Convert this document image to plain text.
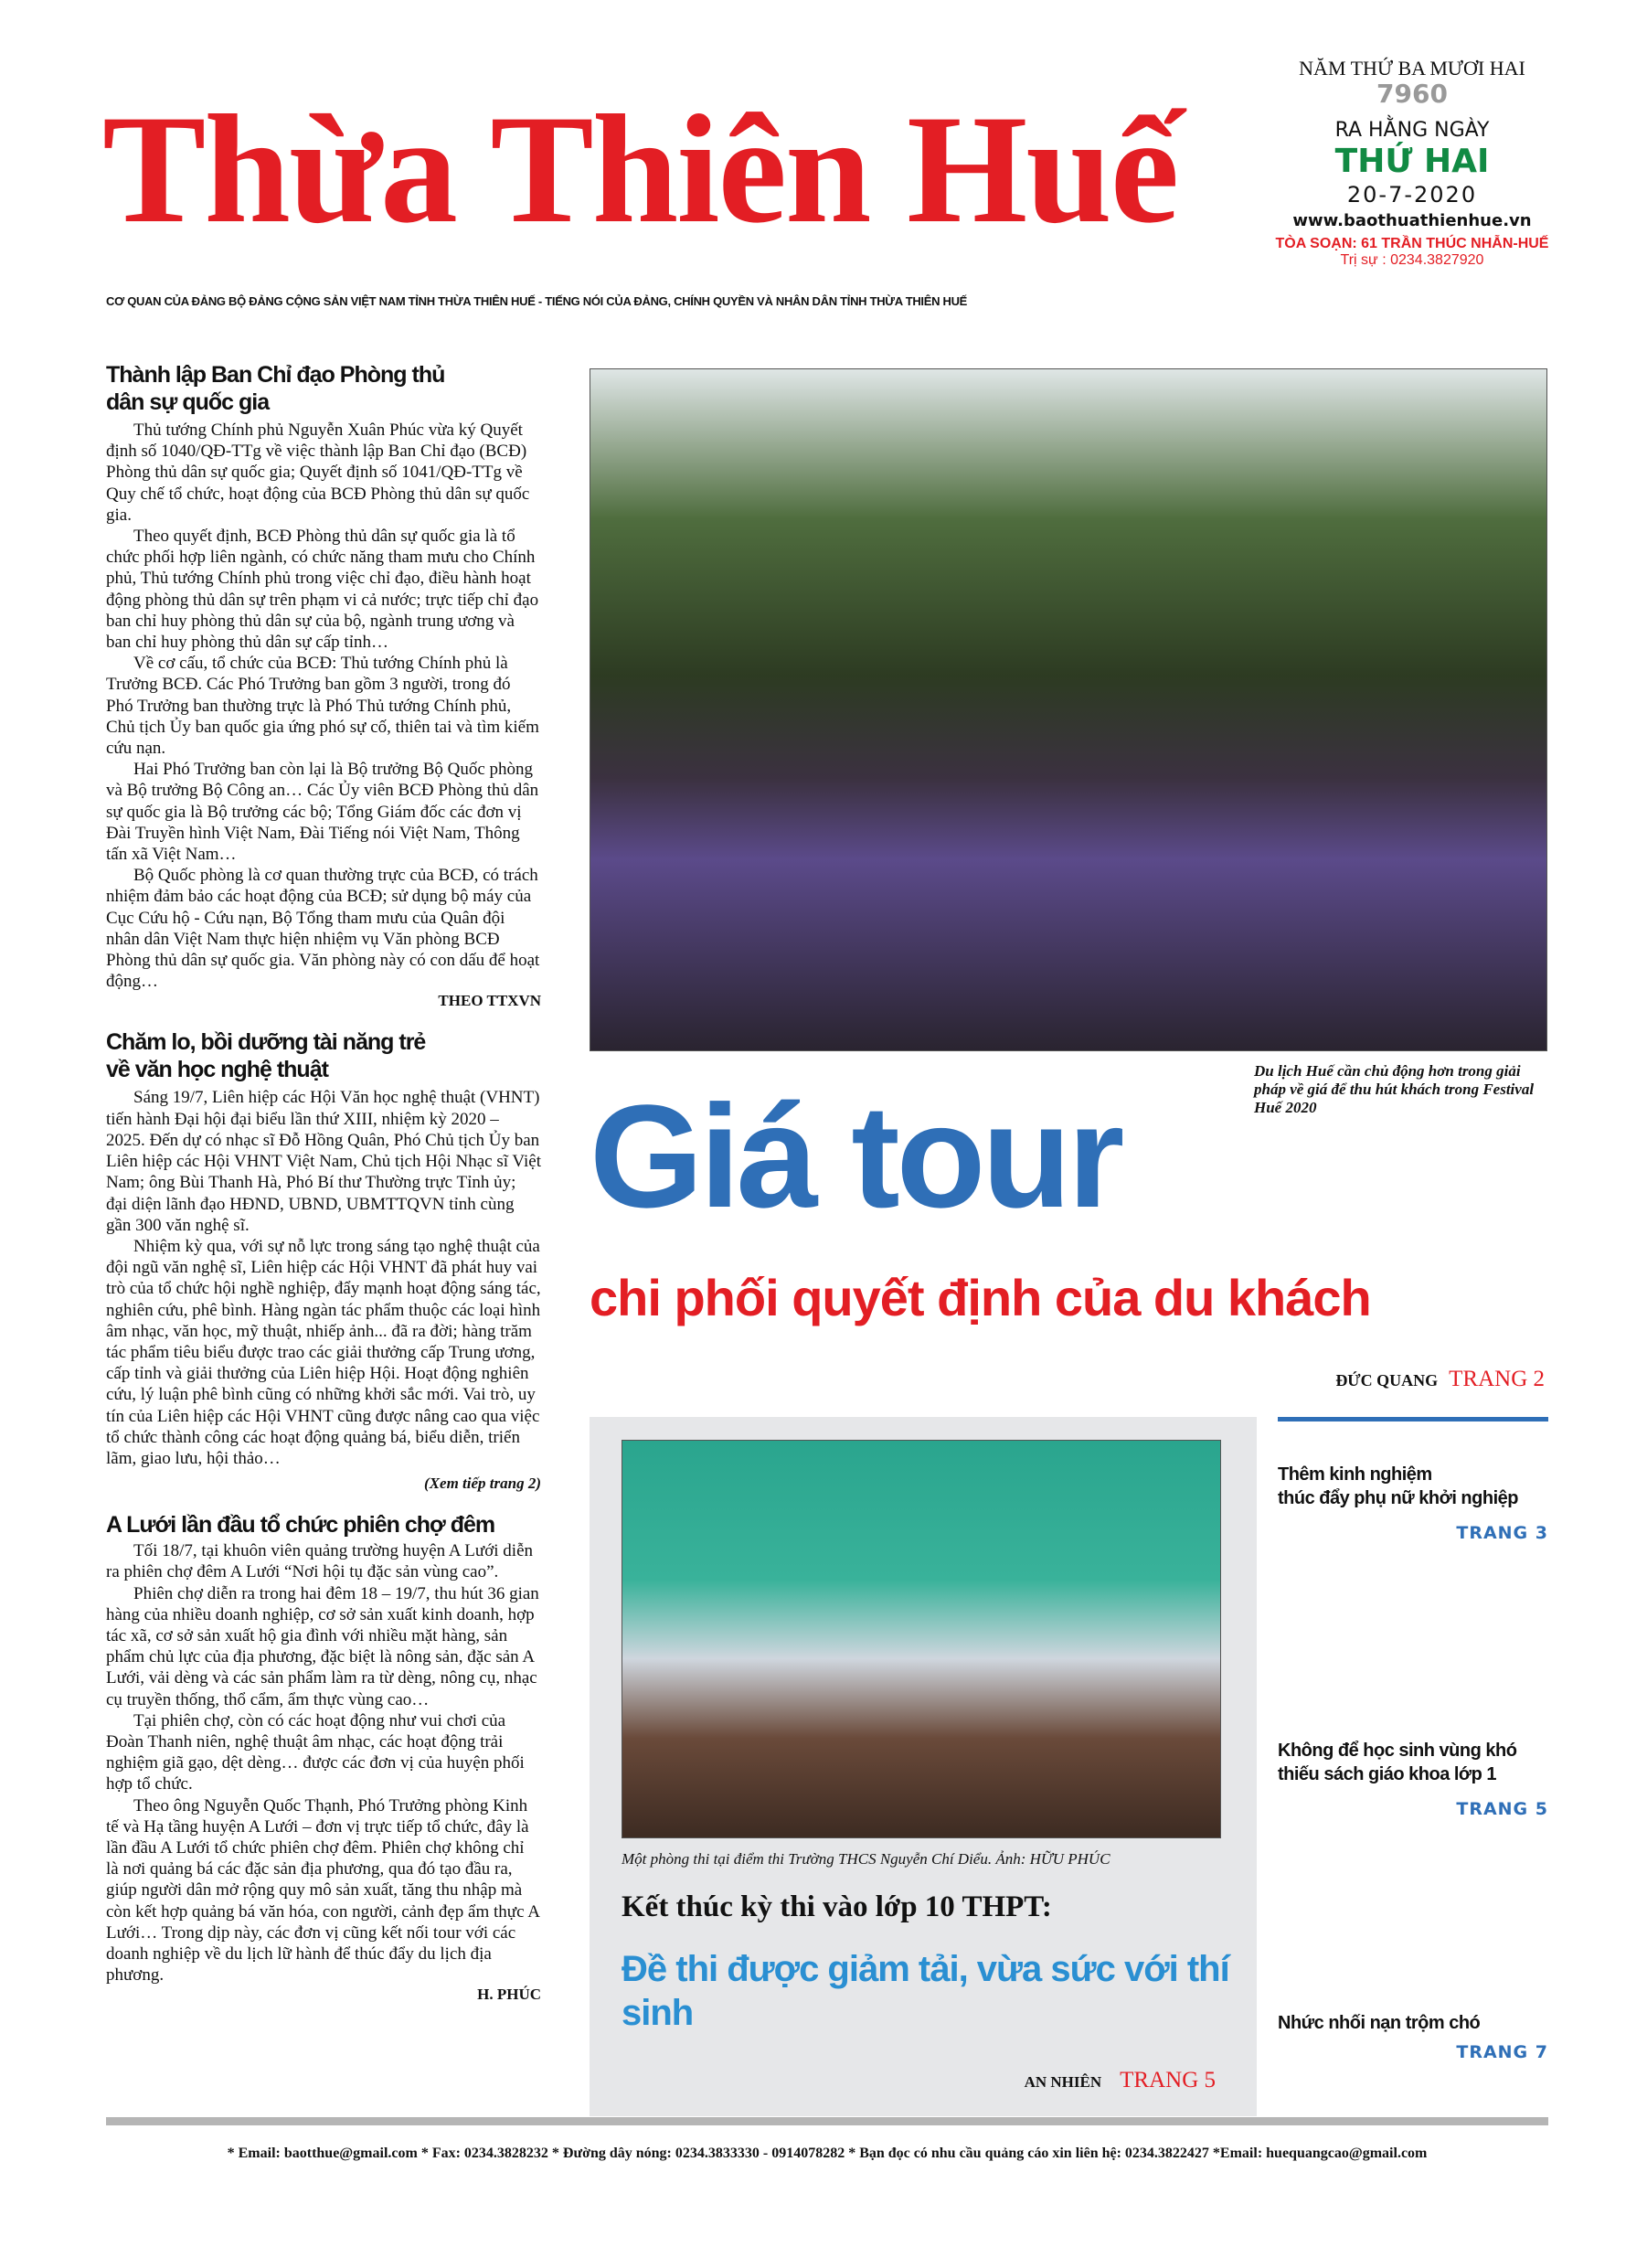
Thừa Thiên Huế
CƠ QUAN CỦA ĐẢNG BỘ ĐẢNG CỘNG SẢN VIỆT NAM TỈNH THỪA THIÊN HUẾ - TIẾNG NÓI CỦA ĐẢNG, CHÍNH QUYỀN VÀ NHÂN DÂN TỈNH THỪA THIÊN HUẾ
NĂM THỨ BA MƯƠI HAI
7960
RA HẰNG NGÀY
THỨ HAI
20-7-2020
www.baothuathienhue.vn
TÒA SOẠN: 61 TRẦN THÚC NHẪN-HUẾ
Trị sự : 0234.3827920
Thành lập Ban Chỉ đạo Phòng thủ
dân sự quốc gia

Thủ tướng Chính phủ Nguyễn Xuân Phúc vừa ký Quyết định số 1040/QĐ-TTg về việc thành lập Ban Chỉ đạo (BCĐ) Phòng thủ dân sự quốc gia; Quyết định số 1041/QĐ-TTg về Quy chế tổ chức, hoạt động của BCĐ Phòng thủ dân sự quốc gia.

Theo quyết định, BCĐ Phòng thủ dân sự quốc gia là tổ chức phối hợp liên ngành, có chức năng tham mưu cho Chính phủ, Thủ tướng Chính phủ trong việc chỉ đạo, điều hành hoạt động phòng thủ dân sự trên phạm vi cả nước; trực tiếp chỉ đạo ban chỉ huy phòng thủ dân sự của bộ, ngành trung ương và ban chỉ huy phòng thủ dân sự cấp tỉnh…

Về cơ cấu, tổ chức của BCĐ: Thủ tướng Chính phủ là Trưởng BCĐ. Các Phó Trưởng ban gồm 3 người, trong đó Phó Trưởng ban thường trực là Phó Thủ tướng Chính phủ, Chủ tịch Ủy ban quốc gia ứng phó sự cố, thiên tai và tìm kiếm cứu nạn.

Hai Phó Trưởng ban còn lại là Bộ trưởng Bộ Quốc phòng và Bộ trưởng Bộ Công an… Các Ủy viên BCĐ Phòng thủ dân sự quốc gia là Bộ trưởng các bộ; Tổng Giám đốc các đơn vị Đài Truyền hình Việt Nam, Đài Tiếng nói Việt Nam, Thông tấn xã Việt Nam…

Bộ Quốc phòng là cơ quan thường trực của BCĐ, có trách nhiệm đảm bảo các hoạt động của BCĐ; sử dụng bộ máy của Cục Cứu hộ - Cứu nạn, Bộ Tổng tham mưu của Quân đội nhân dân Việt Nam thực hiện nhiệm vụ Văn phòng BCĐ Phòng thủ dân sự quốc gia. Văn phòng này có con dấu để hoạt động…

THEO TTXVN
Chăm lo, bồi dưỡng tài năng trẻ
về văn học nghệ thuật

Sáng 19/7, Liên hiệp các Hội Văn học nghệ thuật (VHNT) tiến hành Đại hội đại biểu lần thứ XIII, nhiệm kỳ 2020 – 2025. Đến dự có nhạc sĩ Đỗ Hồng Quân, Phó Chủ tịch Ủy ban Liên hiệp các Hội VHNT Việt Nam, Chủ tịch Hội Nhạc sĩ Việt Nam; ông Bùi Thanh Hà, Phó Bí thư Thường trực Tỉnh ủy; đại diện lãnh đạo HĐND, UBND, UBMTTQVN tỉnh cùng gần 300 văn nghệ sĩ.

Nhiệm kỳ qua, với sự nỗ lực trong sáng tạo nghệ thuật của đội ngũ văn nghệ sĩ, Liên hiệp các Hội VHNT đã phát huy vai trò của tổ chức hội nghề nghiệp, đẩy mạnh hoạt động sáng tác, nghiên cứu, phê bình. Hàng ngàn tác phẩm thuộc các loại hình âm nhạc, văn học, mỹ thuật, nhiếp ảnh... đã ra đời; hàng trăm tác phẩm tiêu biểu được trao các giải thưởng cấp Trung ương, cấp tỉnh và giải thưởng của Liên hiệp Hội. Hoạt động nghiên cứu, lý luận phê bình cũng có những khởi sắc mới. Vai trò, uy tín của Liên hiệp các Hội VHNT cũng được nâng cao qua việc tổ chức thành công các hoạt động quảng bá, biểu diễn, triển lãm, giao lưu, hội thảo…

(Xem tiếp trang 2)
A Lưới lần đầu tổ chức phiên chợ đêm

Tối 18/7, tại khuôn viên quảng trường huyện A Lưới diễn ra phiên chợ đêm A Lưới “Nơi hội tụ đặc sản vùng cao”.

Phiên chợ diễn ra trong hai đêm 18 – 19/7, thu hút 36 gian hàng của nhiều doanh nghiệp, cơ sở sản xuất kinh doanh, hợp tác xã, cơ sở sản xuất hộ gia đình với nhiều mặt hàng, sản phẩm chủ lực của địa phương, đặc biệt là nông sản, đặc sản A Lưới, vải dèng và các sản phẩm làm ra từ dèng, nông cụ, nhạc cụ truyền thống, thổ cẩm, ẩm thực vùng cao…

Tại phiên chợ, còn có các hoạt động như vui chơi của Đoàn Thanh niên, nghệ thuật âm nhạc, các hoạt động trải nghiệm giã gạo, dệt dèng… được các đơn vị của huyện phối hợp tổ chức.

Theo ông Nguyễn Quốc Thạnh, Phó Trưởng phòng Kinh tế và Hạ tầng huyện A Lưới – đơn vị trực tiếp tổ chức, đây là lần đầu A Lưới tổ chức phiên chợ đêm. Phiên chợ không chỉ là nơi quảng bá các đặc sản địa phương, qua đó tạo đầu ra, giúp người dân mở rộng quy mô sản xuất, tăng thu nhập mà còn kết hợp quảng bá văn hóa, con người, cảnh đẹp ẩm thực A Lưới… Trong dịp này, các đơn vị cũng kết nối tour với các doanh nghiệp về du lịch lữ hành để thúc đẩy du lịch địa phương.

H. PHÚC
Du lịch Huế cần chủ động hơn trong giải pháp về giá để thu hút khách trong Festival Huế 2020
Giá tour
chi phối quyết định của du khách
ĐỨC QUANG TRANG 2
Một phòng thi tại điểm thi Trường THCS Nguyễn Chí Diểu. Ảnh: HỮU PHÚC
Kết thúc kỳ thi vào lớp 10 THPT:
Đề thi được giảm tải, vừa sức với thí sinh
AN NHIÊN TRANG 5
Thêm kinh nghiệm
thúc đẩy phụ nữ khởi nghiệp
TRANG 3
Không để học sinh vùng khó
thiếu sách giáo khoa lớp 1
TRANG 5
Nhức nhối nạn trộm chó
TRANG 7
* Email: baotthue@gmail.com * Fax: 0234.3828232 * Đường dây nóng: 0234.3833330 - 0914078282 * Bạn đọc có nhu cầu quảng cáo xin liên hệ: 0234.3822427 *Email: huequangcao@gmail.com
